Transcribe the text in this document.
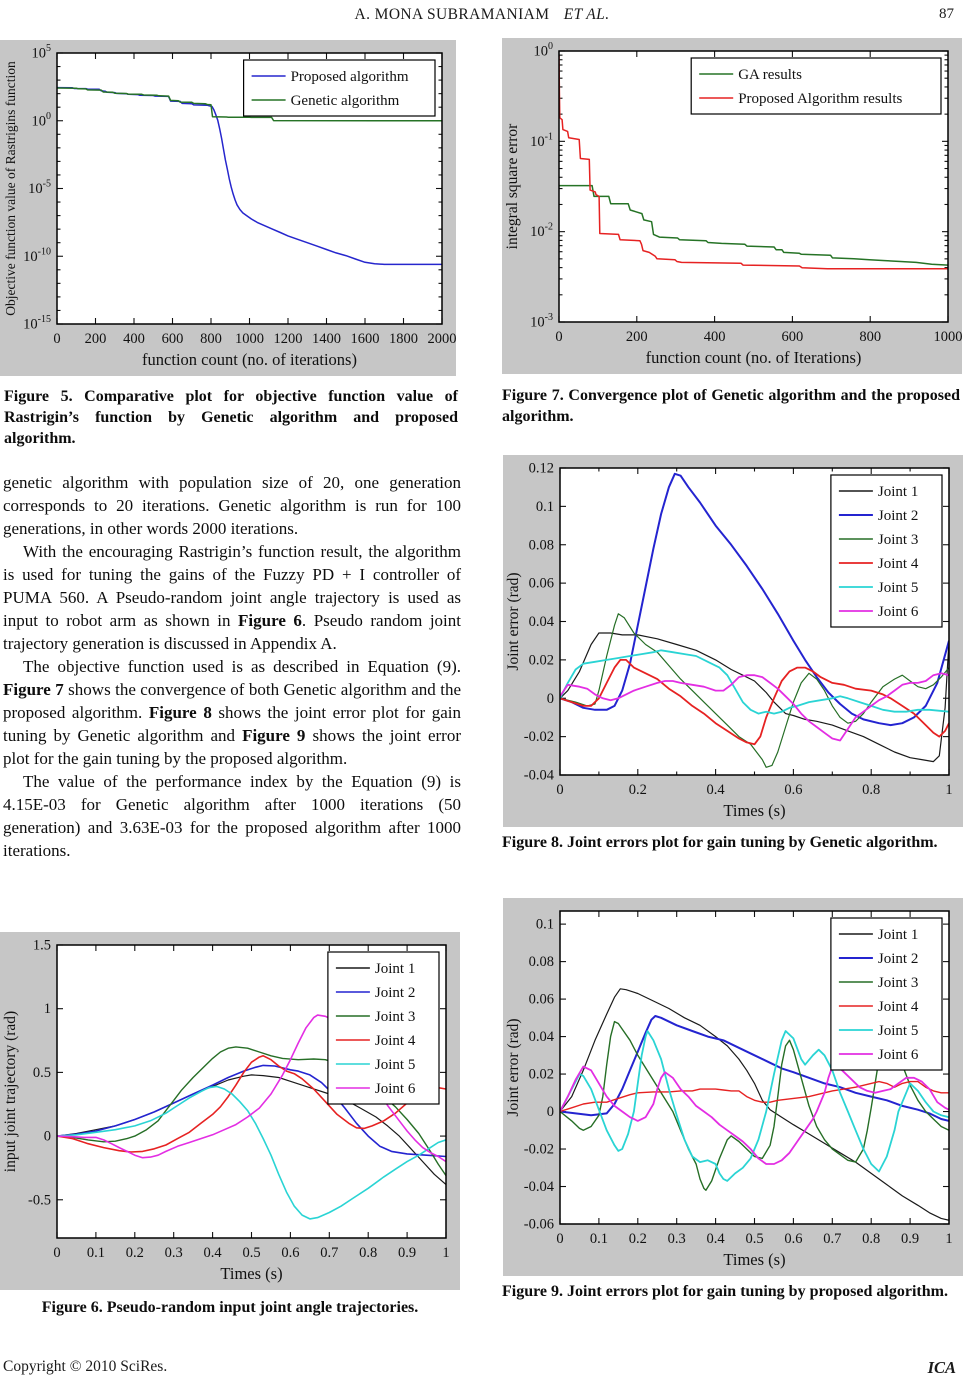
A. MONA SUBRAMANIAM ET AL.	87
0 200 400 600 800 1000 1200 1400 1600 1800 2000
$10^5$
$10^0$
$10^{-5}$
$10^{-10}$
$10^{-15}$
Proposed algorithm
Genetic algorithm
function count (no. of iterations)
Objective function value of Rastrigins function
Figure 5. Comparative plot for objective function value of Rastrigin’s function by Genetic algorithm and proposed algorithm.

genetic algorithm with population size of 20, one generation corresponds to 20 iterations. Genetic algorithm is run for 100 generations, in other words 2000 iterations.

With the encouraging Rastrigin’s function result, the algorithm is used for tuning the gains of the Fuzzy PD + I controller of PUMA 560. A Pseudo-random joint angle trajectory is used as input to robot arm as shown in Figure 6. Pseudo random joint trajectory generation is discussed in Appendix A.

The objective function used is as described in Equation (9). Figure 7 shows the convergence of both Genetic algorithm and the proposed algorithm. Figure 8 shows the joint error plot for gain tuning by Genetic algorithm and Figure 9 shows the joint error plot for the gain tuning by the proposed algorithm.

The value of the performance index by the Equation (9) is 4.15E-03 for Genetic algorithm after 1000 iterations (50 generation) and 3.63E-03 for the proposed algorithm after 1000 iterations.

0 0.1 0.2 0.3 0.4 0.5 0.6 0.7 0.8 0.9 1
-0.5
0
0.5
1
1.5
Joint 1
Joint 2
Joint 3
Joint 4
Joint 5
Joint 6
Times (s)
input joint trajectory (rad)
Figure 6. Pseudo-random input joint angle trajectories.
0	200	400	600	800	1000
$10^0$
$10^{-1}$
$10^{-2}$
$10^{-3}$
GA results
Proposed Algorithm results
function count (no. of Iterations)
integral square error
Figure 7. Convergence plot of Genetic algorithm and the proposed algorithm.
0	0.2	0.4	0.6	0.8	1
-0.04
-0.02
0
0.02
0.04
0.06
0.08
0.1
0.12
Joint 1
Joint 2
Joint 3
Joint 4
Joint 5
Joint 6
Times (s)
Joint error (rad)
Figure 8. Joint errors plot for gain tuning by Genetic algorithm.
0 0.1 0.2 0.3 0.4 0.5 0.6 0.7 0.8 0.9 1
-0.06
-0.04
-0.02
0
0.02
0.04
0.06
0.08
0.1
Joint 1
Joint 2
Joint 3
Joint 4
Joint 5
Joint 6
Times (s)
Joint error (rad)
Figure 9. Joint errors plot for gain tuning by proposed algorithm.
Copyright © 2010 SciRes.	ICA
